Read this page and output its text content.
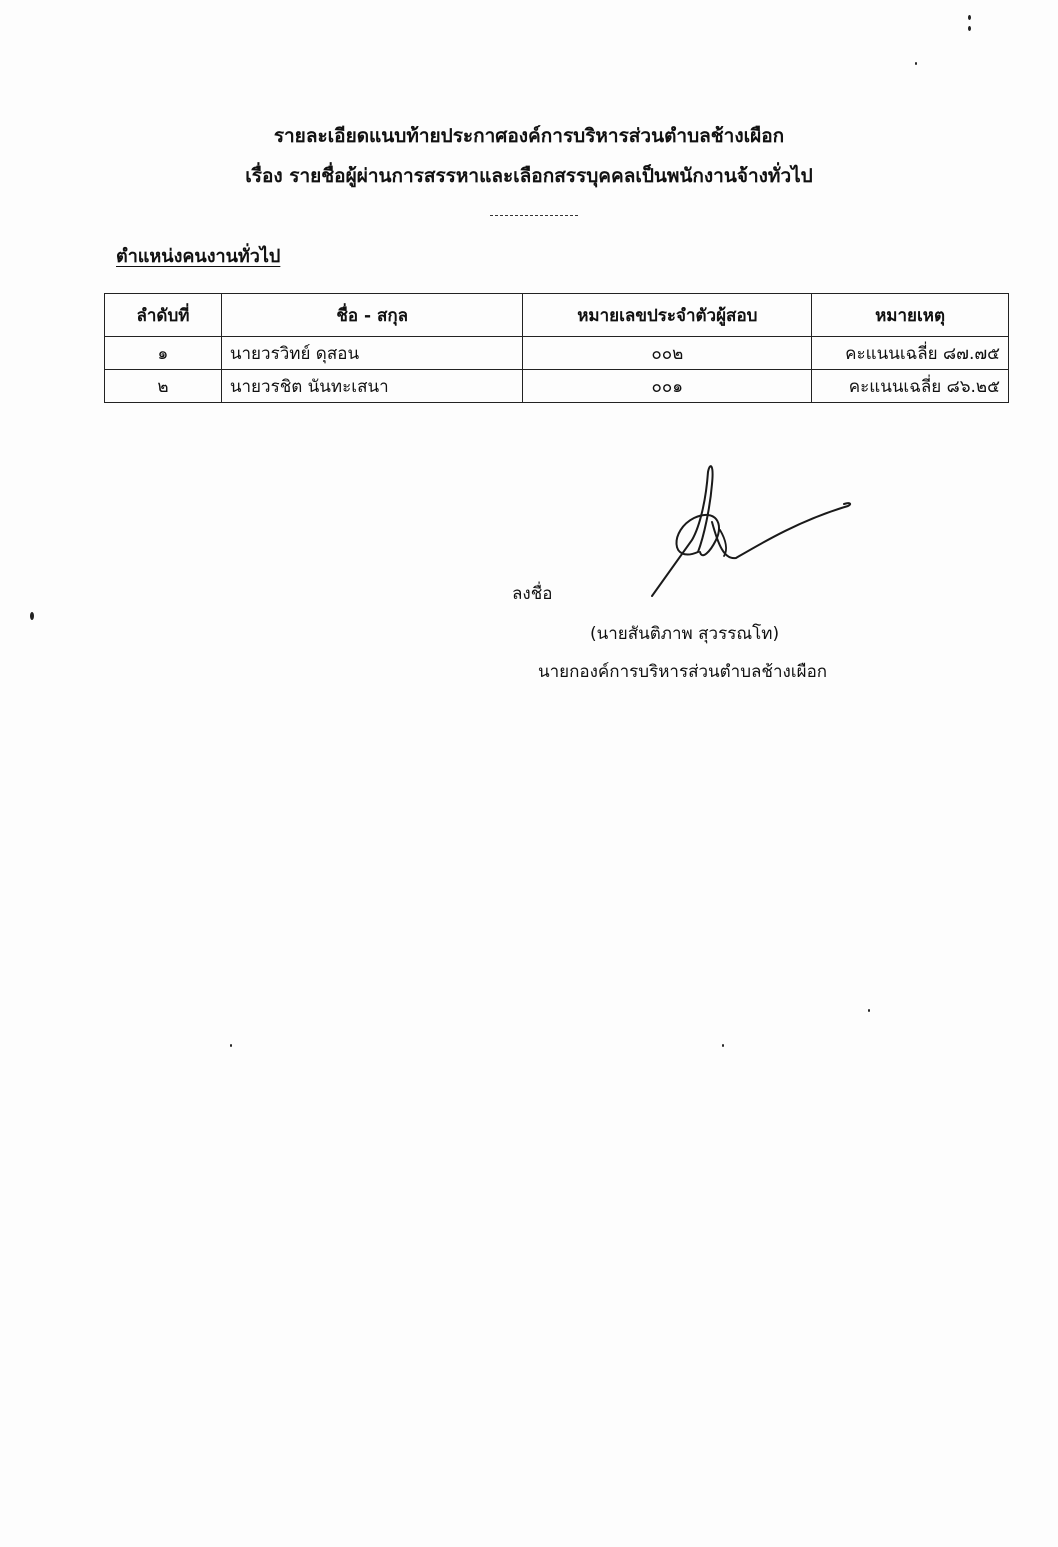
รายละเอียดแนบท้ายประกาศองค์การบริหารส่วนตำบลช้างเผือก
เรื่อง รายชื่อผู้ผ่านการสรรหาและเลือกสรรบุคคลเป็นพนักงานจ้างทั่วไป
ตำแหน่งคนงานทั่วไป
ลำดับที่	ชื่อ - สกุล	หมายเลขประจำตัวผู้สอบ	หมายเหตุ
๑	นายวรวิทย์ ดุสอน	๐๐๒	คะแนนเฉลี่ย ๘๗.๗๕
๒	นายวรชิต นันทะเสนา	๐๐๑	คะแนนเฉลี่ย ๘๖.๒๕
ลงชื่อ
(นายสันติภาพ สุวรรณโท)
นายกองค์การบริหารส่วนตำบลช้างเผือก
